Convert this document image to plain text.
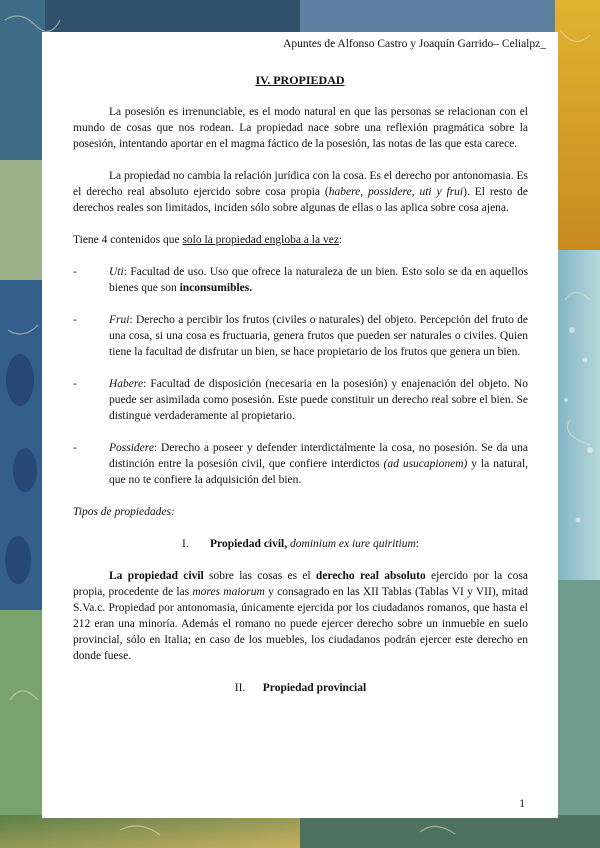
Apuntes de Alfonso Castro y Joaquín Garrido– Celialpz_
IV. PROPIEDAD

La posesión es irrenunciable, es el modo natural en que las personas se relacionan con el mundo de cosas que nos rodean. La propiedad nace sobre una reflexión pragmática sobre la posesión, intentando aportar en el magma fáctico de la posesión, las notas de las que esta carece.

La propiedad no cambia la relación jurídica con la cosa. Es el derecho por antonomasia. Es el derecho real absoluto ejercido sobre cosa propia (habere, possidere, uti y frui). El resto de derechos reales son limitados, inciden sólo sobre algunas de ellas o las aplica sobre cosa ajena.

Tiene 4 contenidos que solo la propiedad engloba a la vez:

-	Uti: Facultad de uso. Uso que ofrece la naturaleza de un bien. Esto solo se da en aquellos bienes que son inconsumibles.
-	Frui: Derecho a percibir los frutos (civiles o naturales) del objeto. Percepción del fruto de una cosa, si una cosa es fructuaria, genera frutos que pueden ser naturales o civiles. Quien tiene la facultad de disfrutar un bien, se hace propietario de los frutos que genera un bien.
-	Habere: Facultad de disposición (necesaria en la posesión) y enajenación del objeto. No puede ser asimilada como posesión. Este puede constituir un derecho real sobre el bien. Se distingue verdaderamente al propietario.
-	Possidere: Derecho a poseer y defender interdictalmente la cosa, no posesión. Se da una distinción entre la posesión civil, que confiere interdictos (ad usucapionem) y la natural, que no te confiere la adquisición del bien.

Tipos de propiedades:

I. Propiedad civil, dominium ex iure quiritium:

La propiedad civil sobre las cosas es el derecho real absoluto ejercido por la cosa propia, procedente de las mores maiorum y consagrado en las XII Tablas (Tablas VI y VII), mitad S.Va.c. Propiedad por antonomasia, únicamente ejercida por los ciudadanos romanos, que hasta el 212 eran una minoría. Además el romano no puede ejercer derecho sobre un inmueble en suelo provincial, sólo en Italia; en caso de los muebles, los ciudadanos podrán ejercer este derecho en donde fuese.

II. Propiedad provincial

1
